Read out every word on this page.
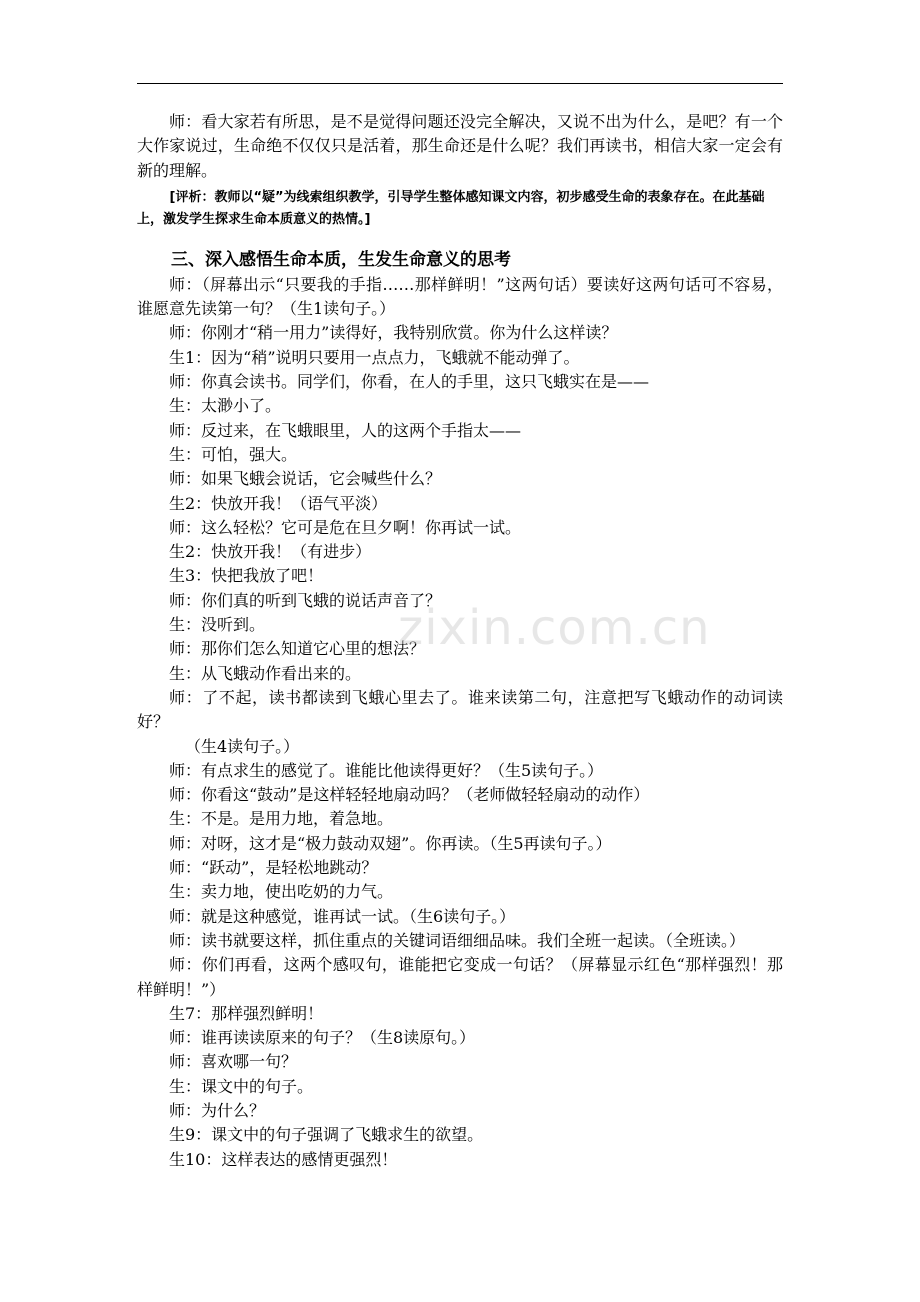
师：看大家若有所思，是不是觉得问题还没完全解决，又说不出为什么，是吧？有一个大作家说过，生命绝不仅仅只是活着，那生命还是什么呢？我们再读书，相信大家一定会有新的理解。

[评析：教师以“疑”为线索组织教学，引导学生整体感知课文内容，初步感受生命的表象存在。在此基础上，激发学生探求生命本质意义的热情。]

三、深入感悟生命本质，生发生命意义的思考

师：（屏幕出示“只要我的手指……那样鲜明！”这两句话）要读好这两句话可不容易，谁愿意先读第一句？（生1读句子。）

师：你刚才“稍一用力”读得好，我特别欣赏。你为什么这样读？

生1：因为“稍”说明只要用一点点力，飞蛾就不能动弹了。

师：你真会读书。同学们，你看，在人的手里，这只飞蛾实在是——

生：太渺小了。

师：反过来，在飞蛾眼里，人的这两个手指太——

生：可怕，强大。

师：如果飞蛾会说话，它会喊些什么？

生2：快放开我！（语气平淡）

师：这么轻松？它可是危在旦夕啊！你再试一试。

生2：快放开我！（有进步）

生3：快把我放了吧！

师：你们真的听到飞蛾的说话声音了？

生：没听到。

师：那你们怎么知道它心里的想法？

生：从飞蛾动作看出来的。

师：了不起，读书都读到飞蛾心里去了。谁来读第二句，注意把写飞蛾动作的动词读好？

（生4读句子。）

师：有点求生的感觉了。谁能比他读得更好？（生5读句子。）

师：你看这“鼓动”是这样轻轻地扇动吗？（老师做轻轻扇动的动作）

生：不是。是用力地，着急地。

师：对呀，这才是“极力鼓动双翅”。你再读。（生5再读句子。）

师：“跃动”，是轻松地跳动？

生：卖力地，使出吃奶的力气。

师：就是这种感觉，谁再试一试。（生6读句子。）

师：读书就要这样，抓住重点的关键词语细细品味。我们全班一起读。（全班读。）

师：你们再看，这两个感叹句，谁能把它变成一句话？（屏幕显示红色“那样强烈！那样鲜明！”）

生7：那样强烈鲜明！

师：谁再读读原来的句子？（生8读原句。）

师：喜欢哪一句？

生：课文中的句子。

师：为什么？

生9：课文中的句子强调了飞蛾求生的欲望。

生10：这样表达的感情更强烈！

zixin.com.cn
